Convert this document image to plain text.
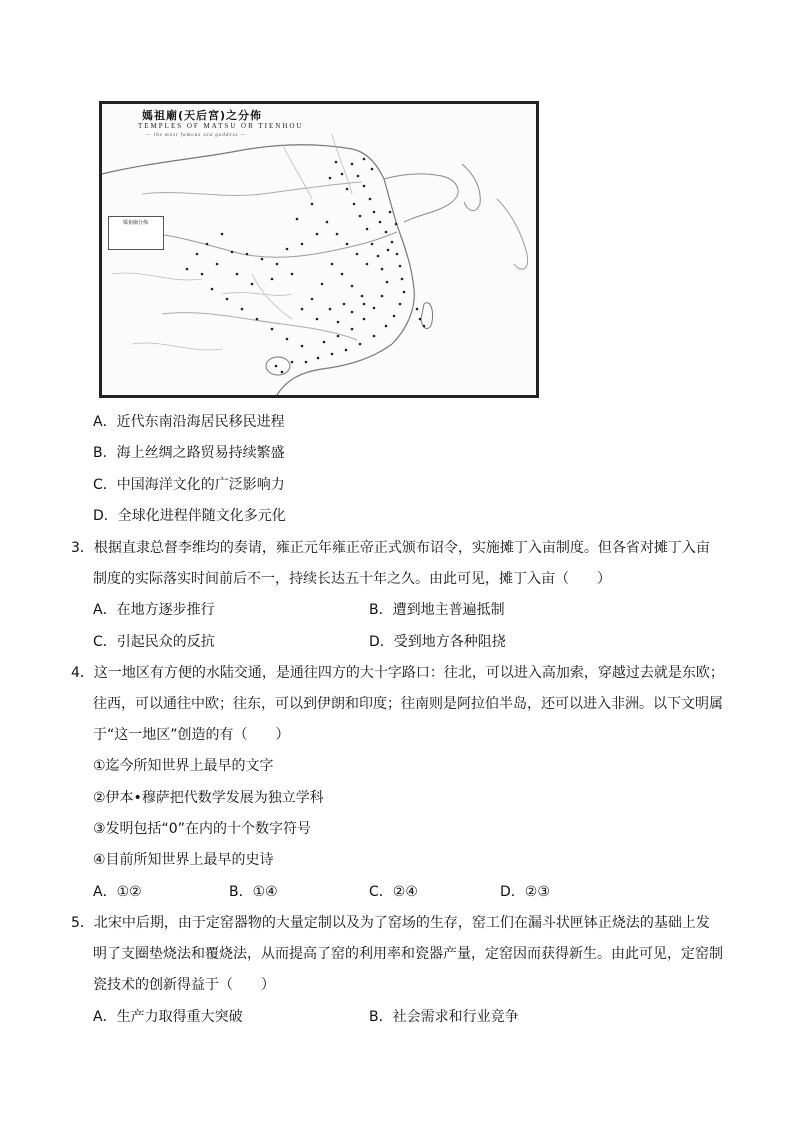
媽祖廟(天后宮)之分佈
TEMPLES OF MATSU OR TIENHOU
— the most famous sea goddess —
媽祖廟分佈
A．近代东南沿海居民移民进程
B．海上丝绸之路贸易持续繁盛
C．中国海洋文化的广泛影响力
D．全球化进程伴随文化多元化
3．根据直隶总督李维均的奏请，雍正元年雍正帝正式颁布诏令，实施摊丁入亩制度。但各省对摊丁入亩
制度的实际落实时间前后不一，持续长达五十年之久。由此可见，摊丁入亩（　　）
A．在地方逐步推行	B．遭到地主普遍抵制
C．引起民众的反抗	D．受到地方各种阻挠
4．这一地区有方便的水陆交通，是通往四方的大十字路口：往北，可以进入高加索，穿越过去就是东欧；
往西，可以通往中欧；往东，可以到伊朗和印度；往南则是阿拉伯半岛，还可以进入非洲。以下文明属
于“这一地区”创造的有（　　）
①迄今所知世界上最早的文字
②伊本•穆萨把代数学发展为独立学科
③发明包括“0”在内的十个数字符号
④目前所知世界上最早的史诗
A．①②	B．①④	C．②④	D．②③
5．北宋中后期，由于定窑器物的大量定制以及为了窑场的生存，窑工们在漏斗状匣钵正烧法的基础上发
明了支圈垫烧法和覆烧法，从而提高了窑的利用率和瓷器产量，定窑因而获得新生。由此可见，定窑制
瓷技术的创新得益于（　　）
A．生产力取得重大突破	B．社会需求和行业竞争
